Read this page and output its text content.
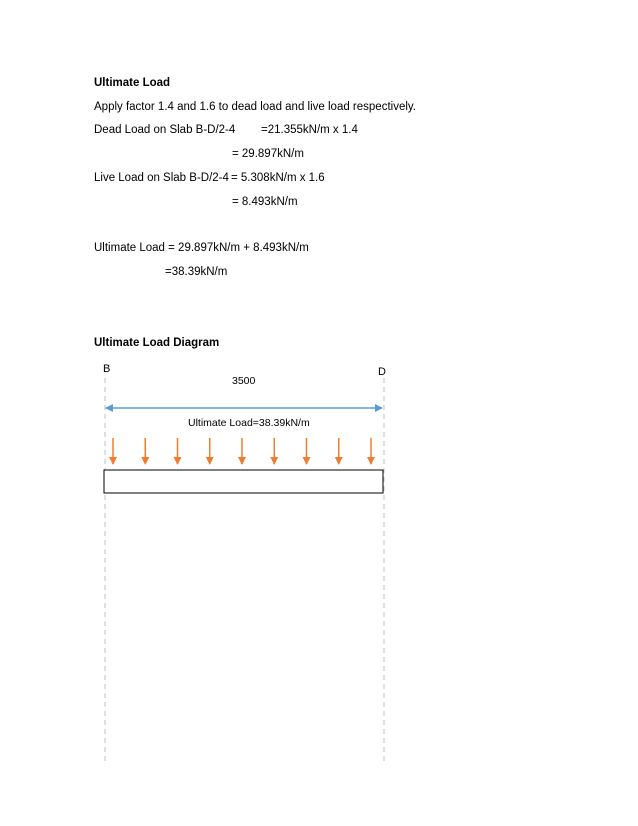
Ultimate Load
Apply factor 1.4 and 1.6 to dead load and live load respectively.
Dead Load on Slab B-D/2-4 =21.355kN/m x 1.4
= 29.897kN/m
Live Load on Slab B-D/2-4 = 5.308kN/m x 1.6
= 8.493kN/m
Ultimate Load = 29.897kN/m + 8.493kN/m
=38.39kN/m
Ultimate Load Diagram
B	D
3500
Ultimate Load=38.39kN/m
